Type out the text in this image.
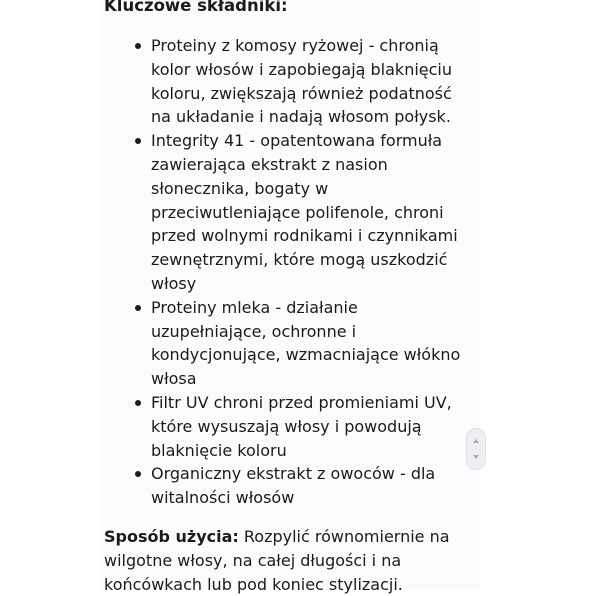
Kluczowe składniki:
Proteiny z komosy ryżowej - chronią kolor włosów i zapobiegają blaknięciu koloru, zwiększają również podatność na układanie i nadają włosom połysk.
Integrity 41 - opatentowana formuła zawierająca ekstrakt z nasion słonecznika, bogaty w przeciwutleniające polifenole, chroni przed wolnymi rodnikami i czynnikami zewnętrznymi, które mogą uszkodzić włosy
Proteiny mleka - działanie uzupełniające, ochronne i kondycjonujące, wzmacniające włókno włosa
Filtr UV chroni przed promieniami UV, które wysuszają włosy i powodują blaknięcie koloru
Organiczny ekstrakt z owoców - dla witalności włosów

Sposób użycia: Rozpylić równomiernie na wilgotne włosy, na całej długości i na końcówkach lub pod koniec stylizacji.
